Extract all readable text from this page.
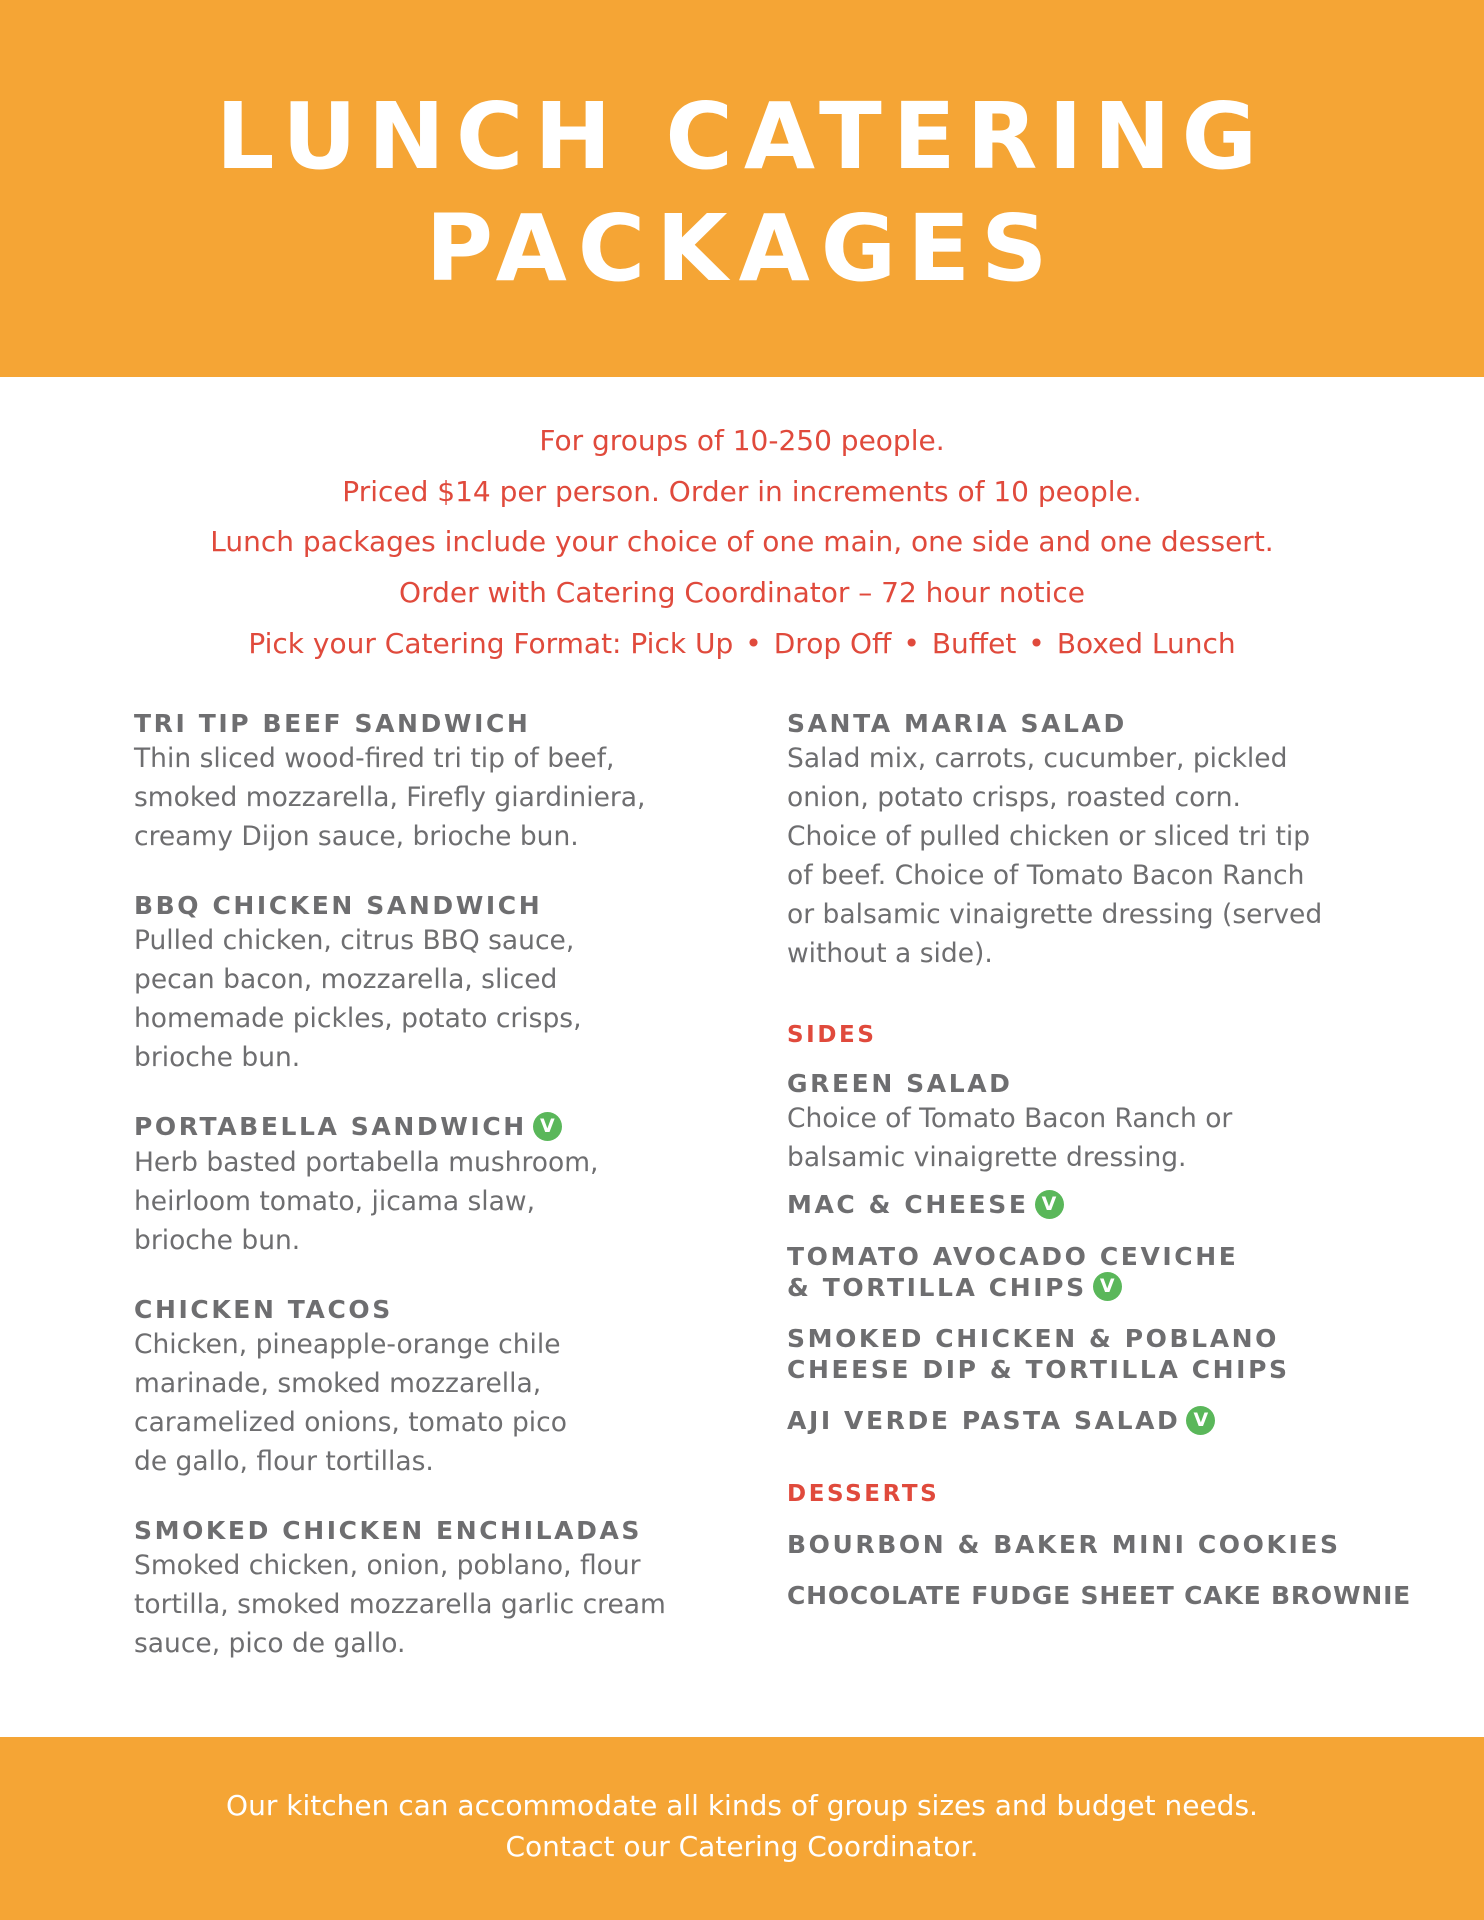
LUNCH CATERING
PACKAGES
For groups of 10-250 people.
Priced $14 per person. Order in increments of 10 people.
Lunch packages include your choice of one main, one side and one dessert.
Order with Catering Coordinator – 72 hour notice
Pick your Catering Format: Pick Up • Drop Off • Buffet • Boxed Lunch
TRI TIP BEEF SANDWICH
Thin sliced wood-fired tri tip of beef,
smoked mozzarella, Firefly giardiniera,
creamy Dijon sauce, brioche bun.
BBQ CHICKEN SANDWICH
Pulled chicken, citrus BBQ sauce,
pecan bacon, mozzarella, sliced
homemade pickles, potato crisps,
brioche bun.
PORTABELLA SANDWICH V
Herb basted portabella mushroom,
heirloom tomato, jicama slaw,
brioche bun.
CHICKEN TACOS
Chicken, pineapple-orange chile
marinade, smoked mozzarella,
caramelized onions, tomato pico
de gallo, flour tortillas.
SMOKED CHICKEN ENCHILADAS
Smoked chicken, onion, poblano, flour
tortilla, smoked mozzarella garlic cream
sauce, pico de gallo.
SANTA MARIA SALAD
Salad mix, carrots, cucumber, pickled
onion, potato crisps, roasted corn.
Choice of pulled chicken or sliced tri tip
of beef. Choice of Tomato Bacon Ranch
or balsamic vinaigrette dressing (served
without a side).
SIDES
GREEN SALAD
Choice of Tomato Bacon Ranch or
balsamic vinaigrette dressing.
MAC & CHEESE V
TOMATO AVOCADO CEVICHE
& TORTILLA CHIPS V
SMOKED CHICKEN & POBLANO
CHEESE DIP & TORTILLA CHIPS
AJI VERDE PASTA SALAD V
DESSERTS
BOURBON & BAKER MINI COOKIES
CHOCOLATE FUDGE SHEET CAKE BROWNIE
Our kitchen can accommodate all kinds of group sizes and budget needs.
Contact our Catering Coordinator.
